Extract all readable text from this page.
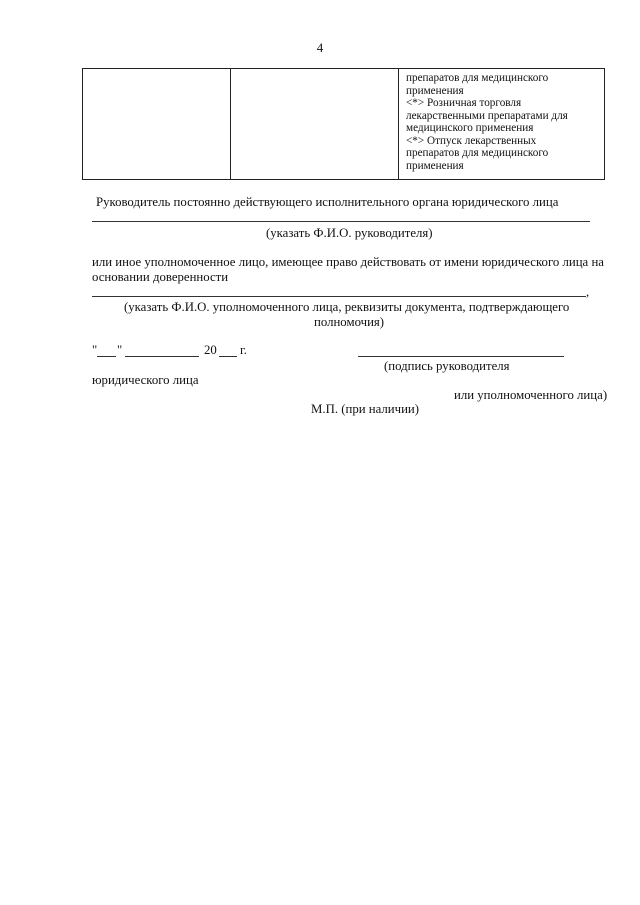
4
препаратов для медицинского
применения
<*> Розничная торговля
лекарственными препаратами для
медицинского применения
<*> Отпуск лекарственных
препаратов для медицинского
применения
Руководитель постоянно действующего исполнительного органа юридического лица
(указать Ф.И.О. руководителя)
или иное уполномоченное лицо, имеющее право действовать от имени юридического лица на
основании доверенности
,
(указать Ф.И.О. уполномоченного лица, реквизиты документа, подтверждающего
полномочия)
" "	20 г.
(подпись руководителя
юридического лица
или уполномоченного лица)
М.П. (при наличии)
